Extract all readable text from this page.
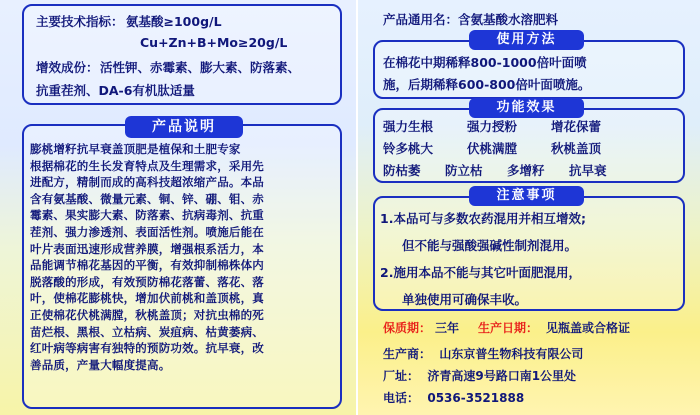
主要技术指标： 氨基酸≥100g/L
Cu+Zn+B+Mo≥20g/L
增效成份： 活性钾、赤霉素、膨大素、防落素、
抗重茬剂、DA-6有机肽适量
产品说明
膨桃增籽抗早衰盖顶肥是植保和土肥专家
根据棉花的生长发育特点及生理需求，采用先
进配方，精制而成的高科技超浓缩产品。本品
含有氨基酸、微量元素、铜、锌、硼、钼、赤
霉素、果实膨大素、防落素、抗病毒剂、抗重
茬剂、强力渗透剂、表面活性剂。喷施后能在
叶片表面迅速形成营养膜，增强根系活力，本
品能调节棉花基因的平衡，有效抑制棉株体内
脱落酸的形成，有效预防棉花落蕾、落花、落
叶，使棉花膨桃快，增加伏前桃和盖顶桃，真
正使棉花伏桃满膛，秋桃盖顶；对抗虫棉的死
苗烂根、黑根、立枯病、炭疽病、枯黄萎病、
红叶病等病害有独特的预防功效。抗早衰，改
善品质，产量大幅度提高。
产品通用名：含氨基酸水溶肥料
使用方法
在棉花中期稀释800-1000倍叶面喷
施，后期稀释600-800倍叶面喷施。
功能效果
强力生根	强力授粉	增花保蕾
铃多桃大	伏桃满膛	秋桃盖顶
防枯萎 防立枯 多增籽 抗早衰
注意事项
1.本品可与多数农药混用并相互增效;
但不能与强酸强碱性制剂混用。
2.施用本品不能与其它叶面肥混用，
单独使用可确保丰收。
保质期： 三年 生产日期： 见瓶盖或合格证
生产商：  山东京普生物科技有限公司
厂址：  济青高速9号路口南1公里处
电话：  0536-3521888
